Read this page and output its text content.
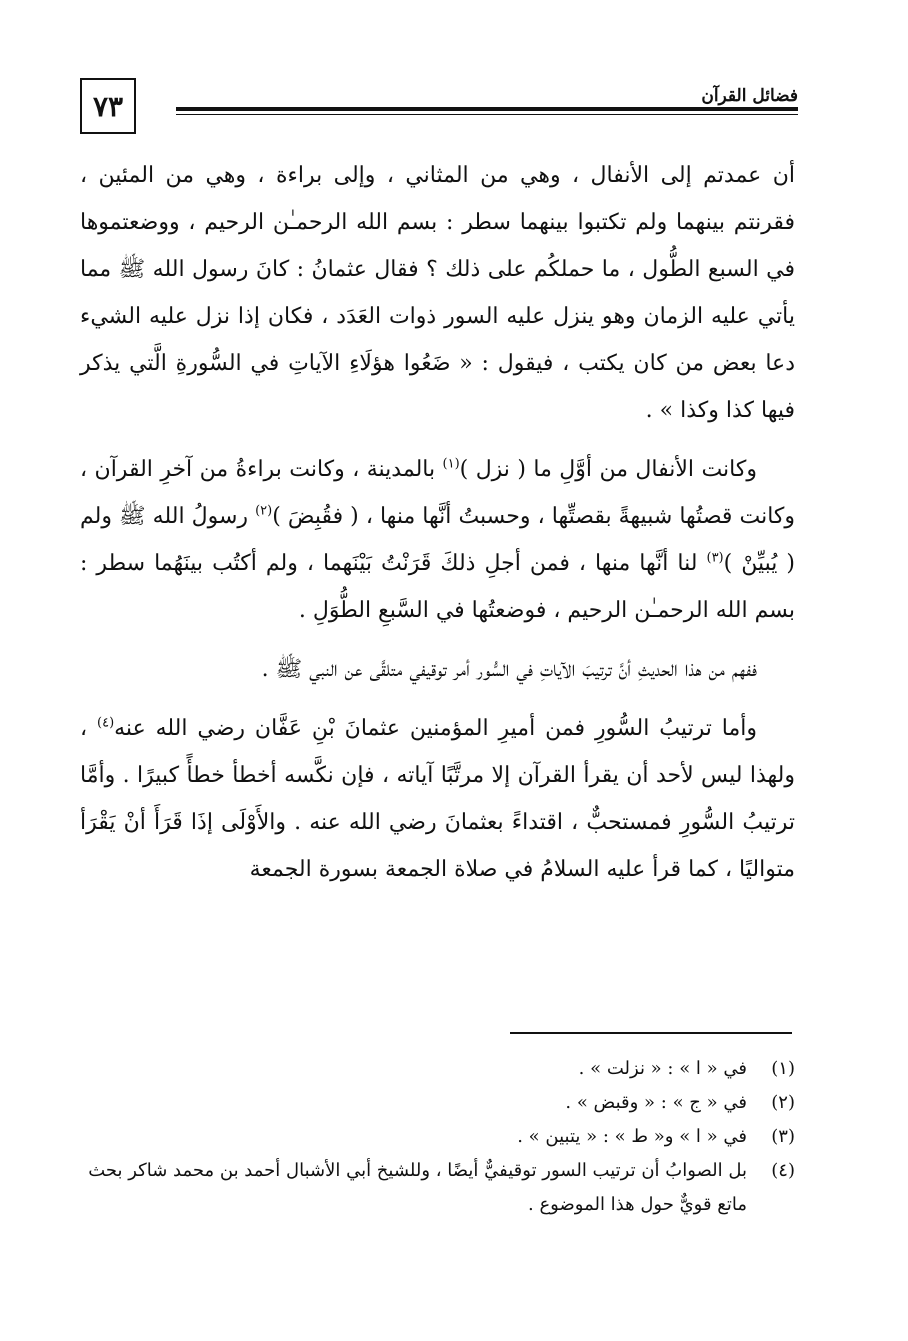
٧٣	فضائل القرآن

أن عمدتم إلى الأنفال ، وهي من المثاني ، وإلى براءة ، وهي من المئين ، فقرنتم بينهما ولم تكتبوا بينهما سطر : بسم الله الرحمـٰن الرحيم ، ووضعتموها في السبع الطُّول ، ما حملكُم على ذلك ؟ فقال عثمانُ : كانَ رسول الله ﷺ مما يأتي عليه الزمان وهو ينزل عليه السور ذوات العَدَد ، فكان إذا نزل عليه الشيء دعا بعض من كان يكتب ، فيقول : « ضَعُوا هؤلَاءِ الآياتِ في السُّورةِ الَّتي يذكر فيها كذا وكذا » .

وكانت الأنفال من أوَّلِ ما ( نزل )$^{(١)}$ بالمدينة ، وكانت براءةُ من آخرِ القرآن ، وكانت قصتُها شبيهةً بقصتِّها ، وحسبتُ أنَّها منها ، ( فقُبِضَ )$^{(٢)}$ رسولُ الله ﷺ ولم ( يُبيِّنْ )$^{(٣)}$ لنا أنَّها منها ، فمن أجلِ ذلكَ قَرَنْتُ بَيْنَهما ، ولم أكتُب بينَهُما سطر : بسم الله الرحمـٰن الرحيم ، فوضعتُها في السَّبعِ الطُّوَلِ .

ففهم من هذا الحديثِ أنَّ ترتيبَ الآياتِ في السُّور أمر توقيفي متلقَّى عن النبي ﷺ .

وأما ترتيبُ السُّورِ فمن أميرِ المؤمنين عثمانَ بْنِ عَفَّان رضي الله عنه$^{(٤)}$ ، ولهذا ليس لأحد أن يقرأ القرآن إلا مرتَّبًا آياته ، فإن نكَّسه أخطأ خطأً كبيرًا . وأمَّا ترتيبُ السُّورِ فمستحبٌّ ، اقتداءً بعثمانَ رضي الله عنه . والأَوْلَى إذَا قَرَأَ أنْ يَقْرَأ متواليًا ، كما قرأ عليه السلامُ في صلاة الجمعة بسورة الجمعة

(١)
في « ا » : « نزلت » .
(٢)
في « ج » : « وقبض » .
(٣)
في « ا » و« ط » : « يتبين » .
(٤)
بل الصوابُ أن ترتيب السور توقيفيٌّ أيضًا ، وللشيخ أبي الأشبال أحمد بن محمد شاكر بحث ماتع قويٌّ حول هذا الموضوع .
